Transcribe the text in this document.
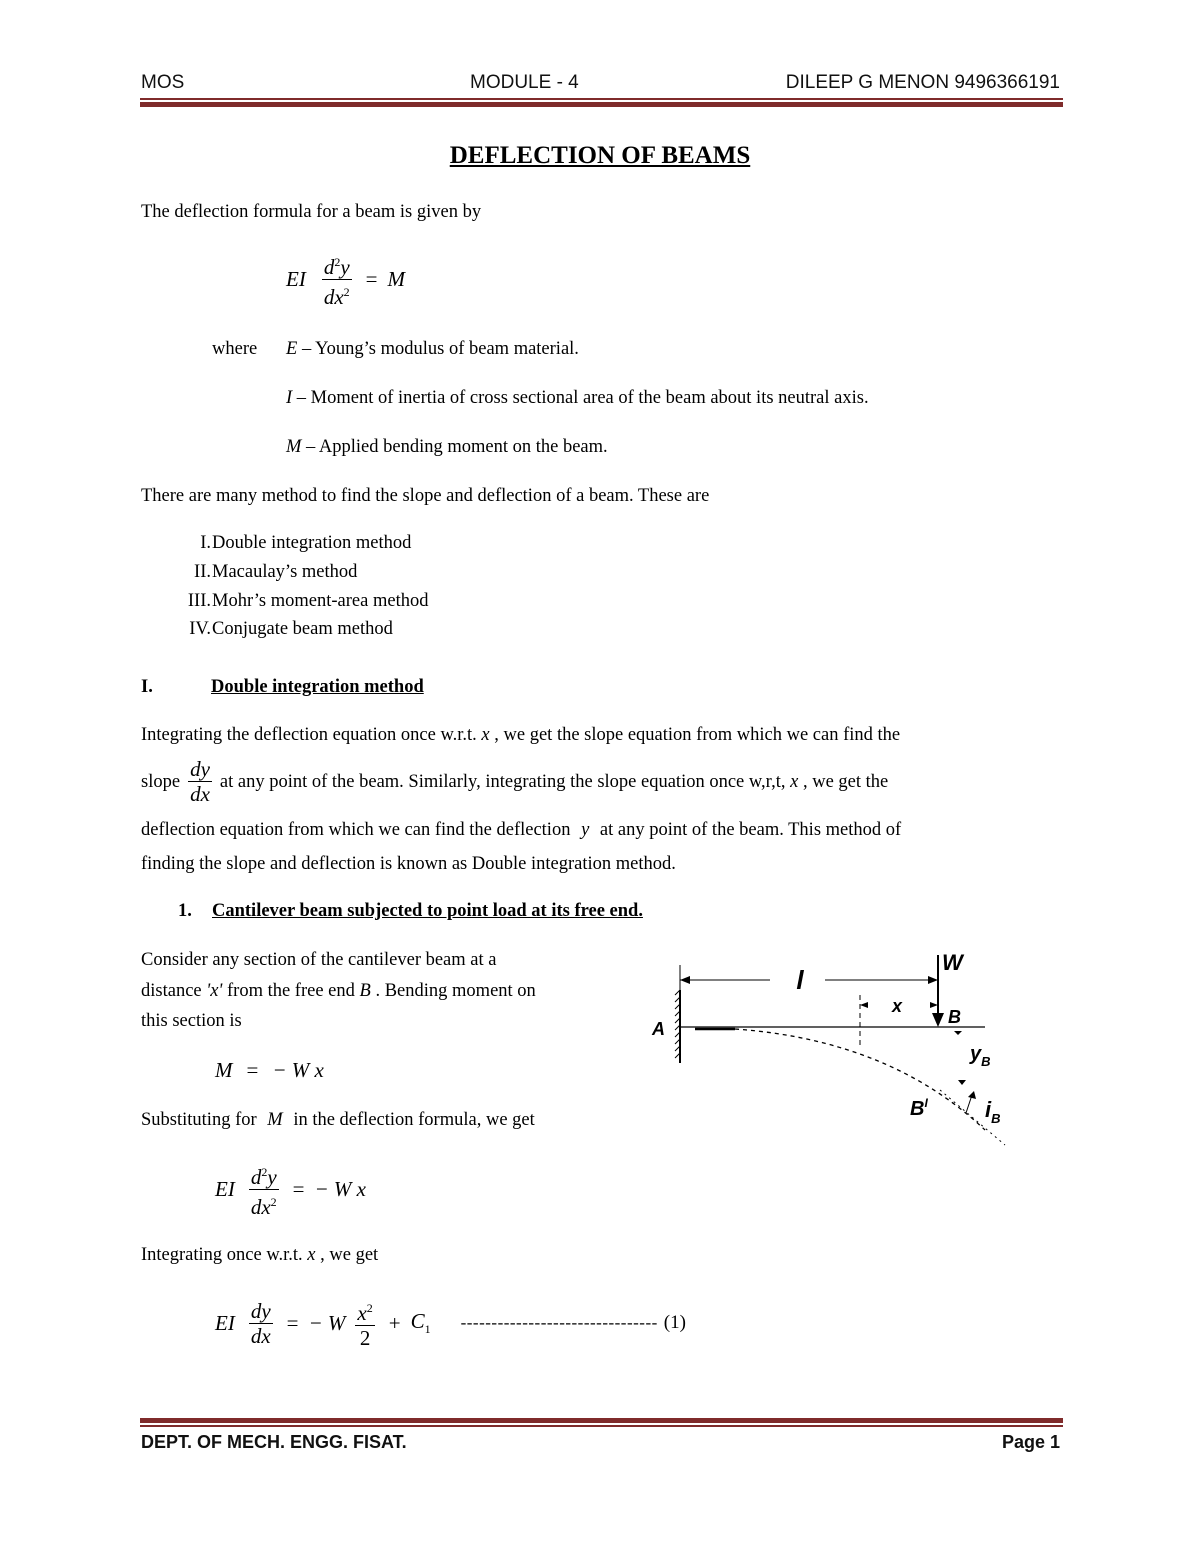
MOS	MODULE - 4	DILEEP G MENON 9496366191
DEFLECTION OF BEAMS
The deflection formula for a beam is given by
EI $\frac{d^2y}{dx^2} = M$
where E – Young’s modulus of beam material.
I – Moment of inertia of cross sectional area of the beam about its neutral axis.
M – Applied bending moment on the beam.
There are many method to find the slope and deflection of a beam. These are
I. Double integration method
II. Macaulay’s method
III. Mohr’s moment-area method
IV. Conjugate beam method
I.	Double integration method
Integrating the deflection equation once w.r.t. x , we get the slope equation from which we can find the
slope $\frac{dy}{dx}$ at any point of the beam. Similarly, integrating the slope equation once w,r,t,
x
, we get the
deflection equation from which we can find the deflection y at any point of the beam. This method of
finding the slope and deflection is known as Double integration method.
1. Cantilever beam subjected to point load at its free end.
Consider any section of the cantilever beam at a
distance 'x' from the free end B . Bending moment on
this section is
M = − W x
Substituting for M in the deflection formula, we get
EI $\frac{d^2y}{dx^2}$ = − W x
Integrating once w.r.t. x , we get
EI $\frac{dy}{dx}$ = − W $\frac{x^2}{2} + C_1$ -------------------------------- (1)
l
W
x
A
B
$y_B$
$B^I$	$i_B$
DEPT. OF MECH. ENGG. FISAT.	Page 1
